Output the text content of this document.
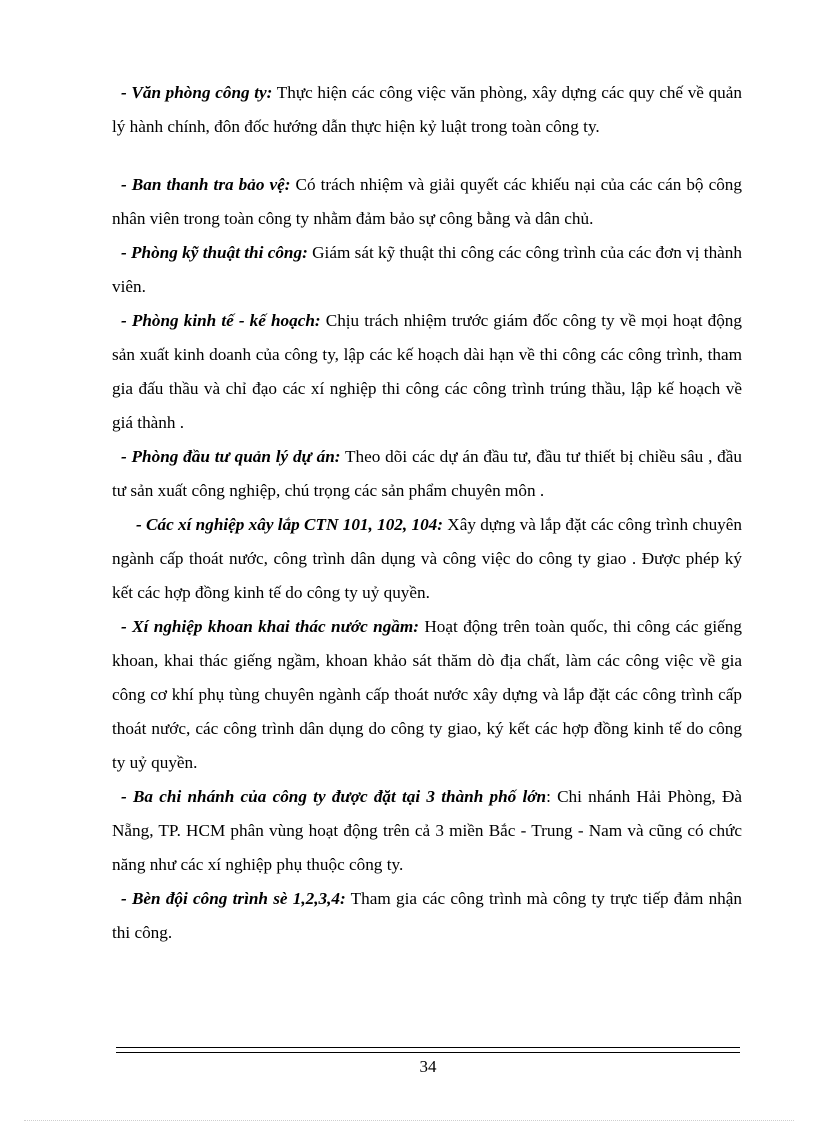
- Văn phòng công ty: Thực hiện các công việc văn phòng, xây dựng các quy chế về quản lý hành chính, đôn đốc hướng dẫn thực hiện kỷ luật trong toàn công ty.

- Ban thanh tra bảo vệ: Có trách nhiệm và giải quyết các khiếu nại của các cán bộ công nhân viên trong toàn công ty nhằm đảm bảo sự công bằng và dân chủ.

- Phòng kỹ thuật thi công: Giám sát kỹ thuật thi công các công trình của các đơn vị thành viên.

- Phòng kinh tế - kế hoạch: Chịu trách nhiệm trước giám đốc công ty về mọi hoạt động sản xuất kinh doanh của công ty, lập các kế hoạch dài hạn về thi công các công trình, tham gia đấu thầu và chỉ đạo các xí nghiệp thi công các công trình trúng thầu, lập kế hoạch về giá thành .

- Phòng đầu tư quản lý dự án: Theo dõi các dự án đầu tư, đầu tư thiết bị chiều sâu , đầu tư sản xuất công nghiệp, chú trọng các sản phẩm chuyên môn .

- Các xí nghiệp xây lắp CTN 101, 102, 104: Xây dựng và lắp đặt các công trình chuyên ngành cấp thoát nước, công trình dân dụng và công việc do công ty giao . Được phép ký kết các hợp đồng kinh tế do công ty uỷ quyền.

- Xí nghiệp khoan khai thác nước ngầm: Hoạt động trên toàn quốc, thi công các giếng khoan, khai thác giếng ngầm, khoan khảo sát thăm dò địa chất, làm các công việc về gia công cơ khí phụ tùng chuyên ngành cấp thoát nước xây dựng và lắp đặt các công trình cấp thoát nước, các công trình dân dụng do công ty giao, ký kết các hợp đồng kinh tế do công ty uỷ quyền.

- Ba chi nhánh của công ty được đặt tại 3 thành phố lớn: Chi nhánh Hải Phòng, Đà Nẵng, TP. HCM phân vùng hoạt động trên cả 3 miền Bắc - Trung - Nam và cũng có chức năng như các xí nghiệp phụ thuộc công ty.

- Bèn đội công trình sè 1,2,3,4: Tham gia các công trình mà công ty trực tiếp đảm nhận thi công.

34
